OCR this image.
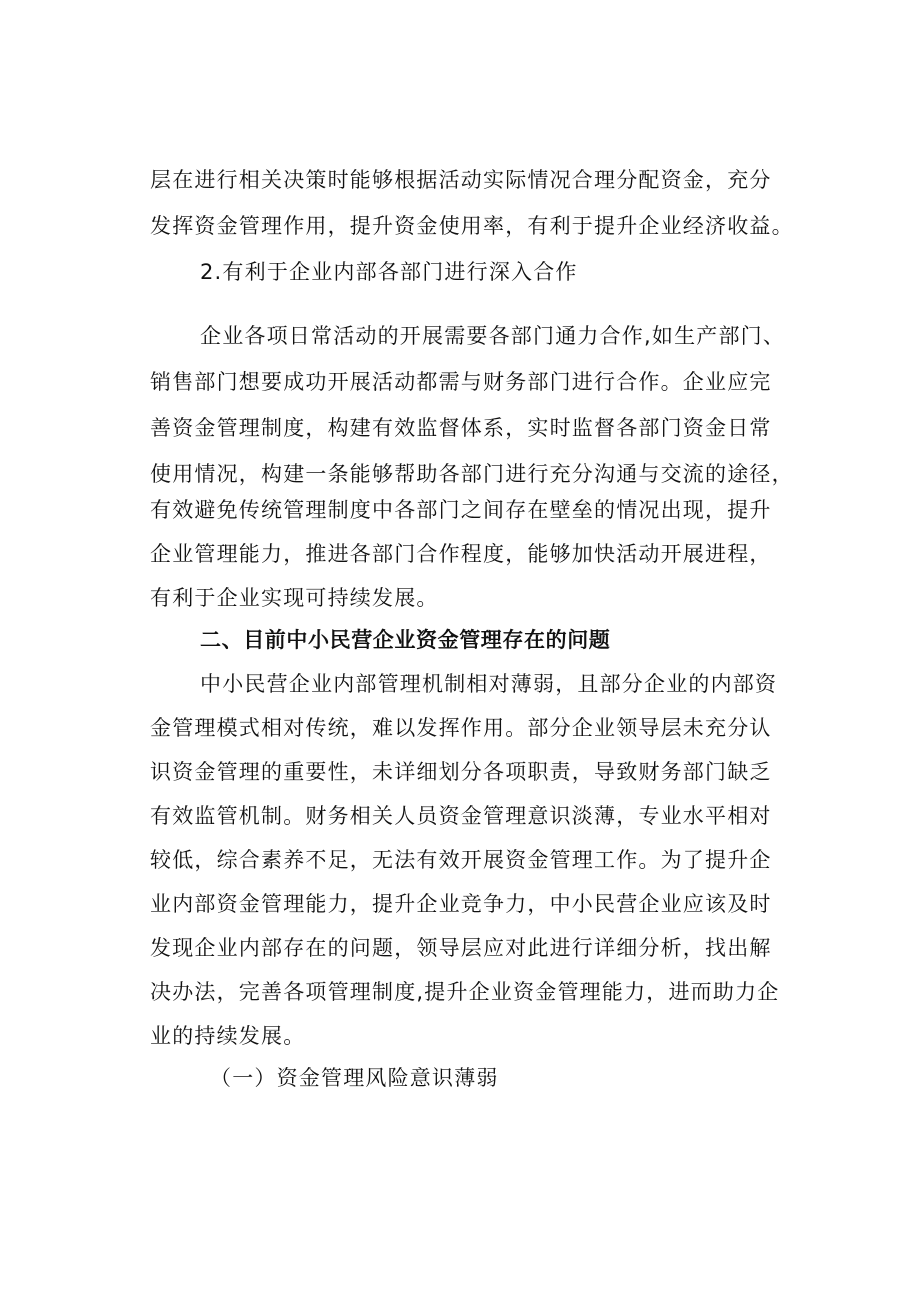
层在进行相关决策时能够根据活动实际情况合理分配资金，充分
发挥资金管理作用，提升资金使用率，有利于提升企业经济收益。
2.有利于企业内部各部门进行深入合作
企业各项日常活动的开展需要各部门通力合作,如生产部门、
销售部门想要成功开展活动都需与财务部门进行合作。企业应完
善资金管理制度，构建有效监督体系，实时监督各部门资金日常
使用情况，构建一条能够帮助各部门进行充分沟通与交流的途径，
有效避免传统管理制度中各部门之间存在壁垒的情况出现，提升
企业管理能力，推进各部门合作程度，能够加快活动开展进程，
有利于企业实现可持续发展。
二、目前中小民营企业资金管理存在的问题
中小民营企业内部管理机制相对薄弱，且部分企业的内部资
金管理模式相对传统，难以发挥作用。部分企业领导层未充分认
识资金管理的重要性，未详细划分各项职责，导致财务部门缺乏
有效监管机制。财务相关人员资金管理意识淡薄，专业水平相对
较低，综合素养不足，无法有效开展资金管理工作。为了提升企
业内部资金管理能力，提升企业竞争力，中小民营企业应该及时
发现企业内部存在的问题，领导层应对此进行详细分析，找出解
决办法，完善各项管理制度,提升企业资金管理能力，进而助力企
业的持续发展。
（一）资金管理风险意识薄弱
